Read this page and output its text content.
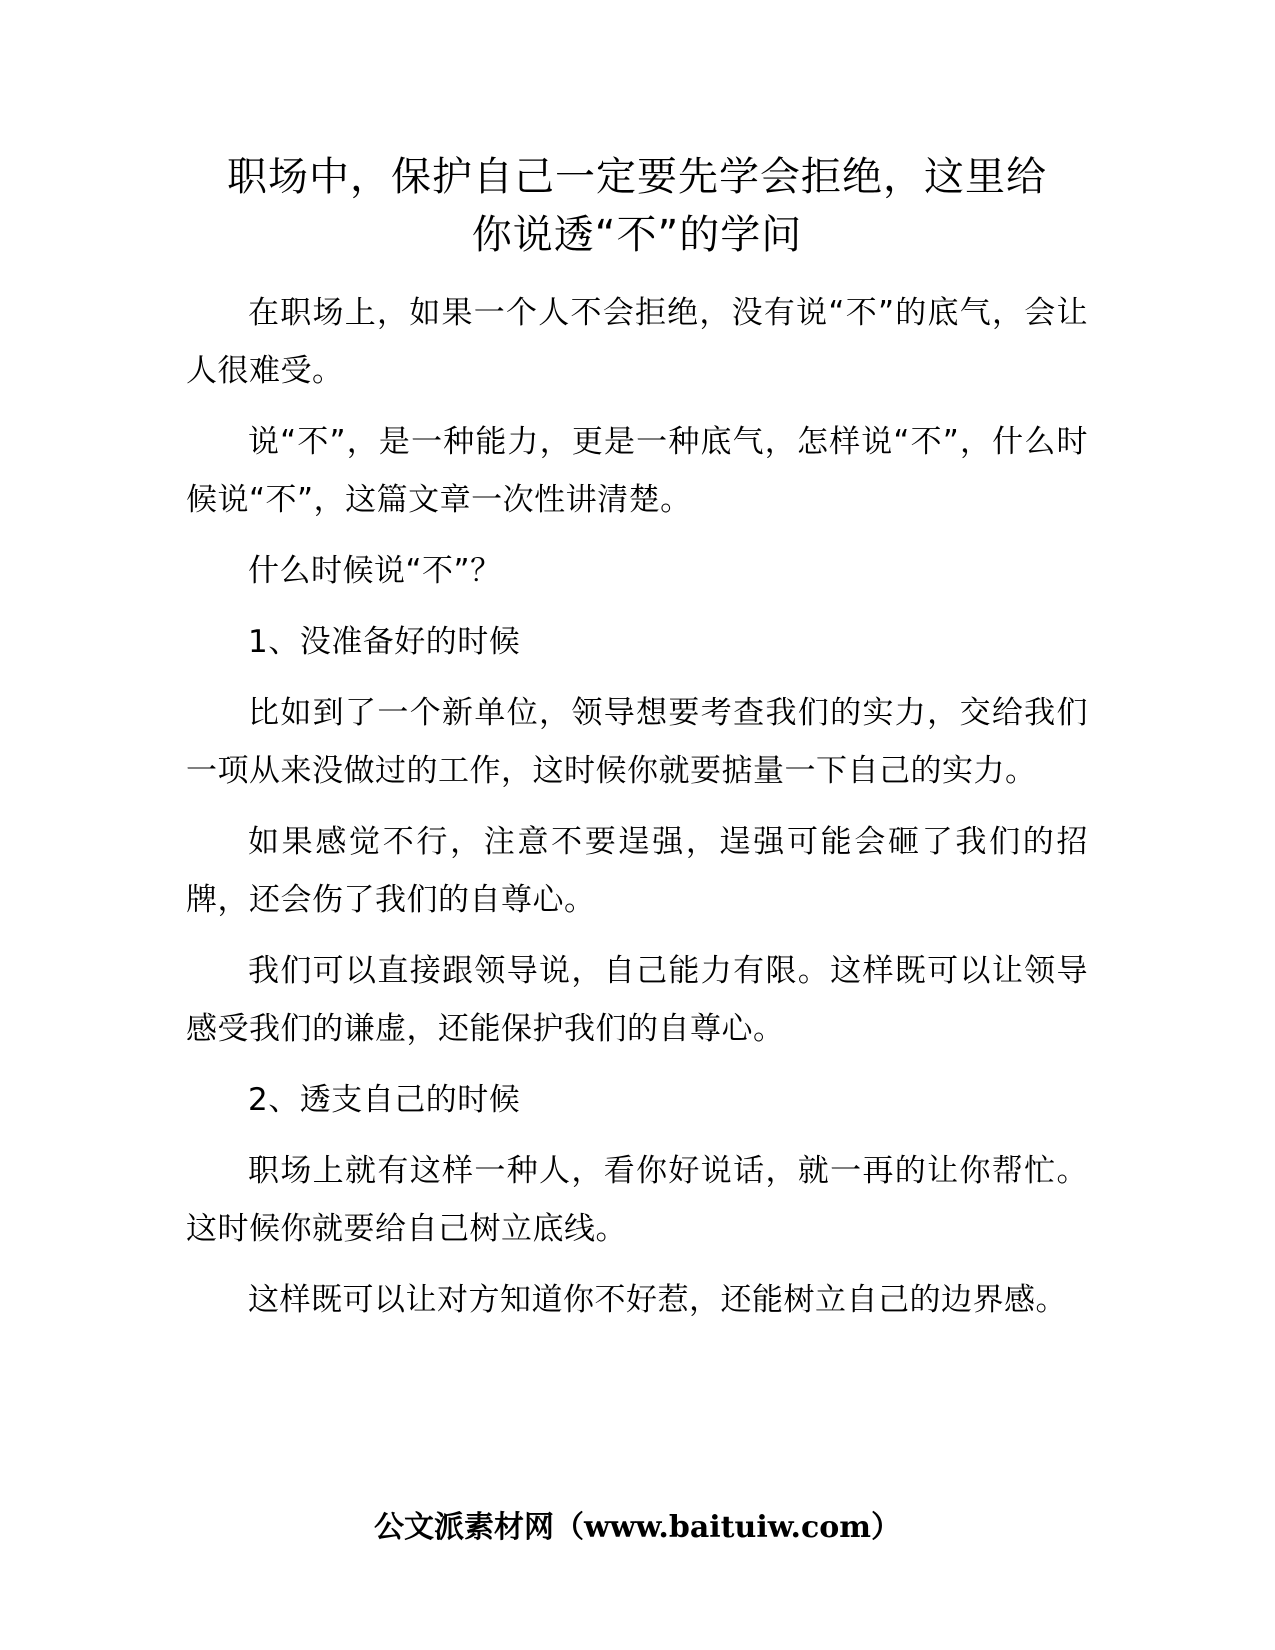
职场中，保护自己一定要先学会拒绝，这里给
你说透“不”的学问

在职场上，如果一个人不会拒绝，没有说“不”的底气，会让人很难受。

说“不”，是一种能力，更是一种底气，怎样说“不”，什么时候说“不”，这篇文章一次性讲清楚。

什么时候说“不”？

1、没准备好的时候

比如到了一个新单位，领导想要考查我们的实力，交给我们一项从来没做过的工作，这时候你就要掂量一下自己的实力。

如果感觉不行，注意不要逞强，逞强可能会砸了我们的招牌，还会伤了我们的自尊心。

我们可以直接跟领导说，自己能力有限。这样既可以让领导感受我们的谦虚，还能保护我们的自尊心。

2、透支自己的时候

职场上就有这样一种人，看你好说话，就一再的让你帮忙。这时候你就要给自己树立底线。

这样既可以让对方知道你不好惹，还能树立自己的边界感。

公文派素材网（www.baituiw.com）
